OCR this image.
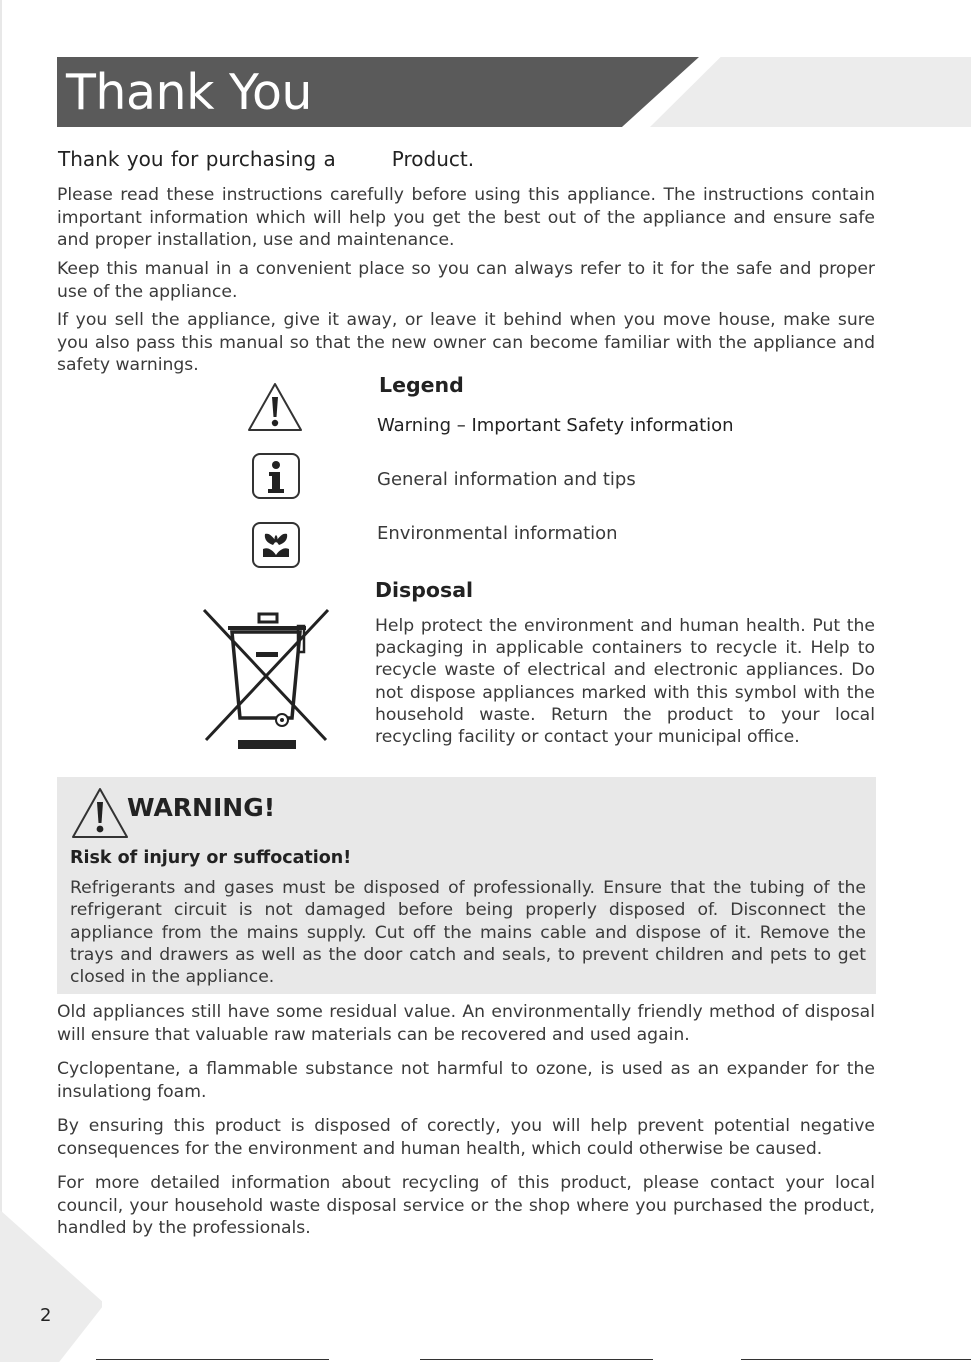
Thank You

Thank you for purchasing a	Product.

Please read these instructions carefully before using this appliance. The instructions contain important information which will help you get the best out of the appliance and ensure safe and proper installation, use and maintenance.

Keep this manual in a convenient place so you can always refer to it for the safe and proper use of the appliance.

If you sell the appliance, give it away, or leave it behind when you move house, make sure you also pass this manual so that the new owner can become familiar with the appliance and safety warnings.

Legend

Warning – Important Safety information

General information and tips

Environmental information

Disposal

Help protect the environment and human health. Put the packaging in applicable containers to recycle it. Help to recycle waste of electrical and electronic appliances. Do not dispose appliances marked with this symbol with the household waste. Return the product to your local recycling facility or contact your municipal office.

WARNING!

Risk of injury or suffocation!

Refrigerants and gases must be disposed of professionally. Ensure that the tubing of the refrigerant circuit is not damaged before being properly disposed of. Disconnect the appliance from the mains supply. Cut off the mains cable and dispose of it. Remove the trays and drawers as well as the door catch and seals, to prevent children and pets to get closed in the appliance.

Old appliances still have some residual value. An environmentally friendly method of disposal will ensure that valuable raw materials can be recovered and used again.

Cyclopentane, a flammable substance not harmful to ozone, is used as an expander for the insulationg foam.

By ensuring this product is disposed of corectly, you will help prevent potential negative consequences for the environment and human health, which could otherwise be caused.

For more detailed information about recycling of this product, please contact your local council, your household waste disposal service or the shop where you purchased the product, handled by the professionals.

2
